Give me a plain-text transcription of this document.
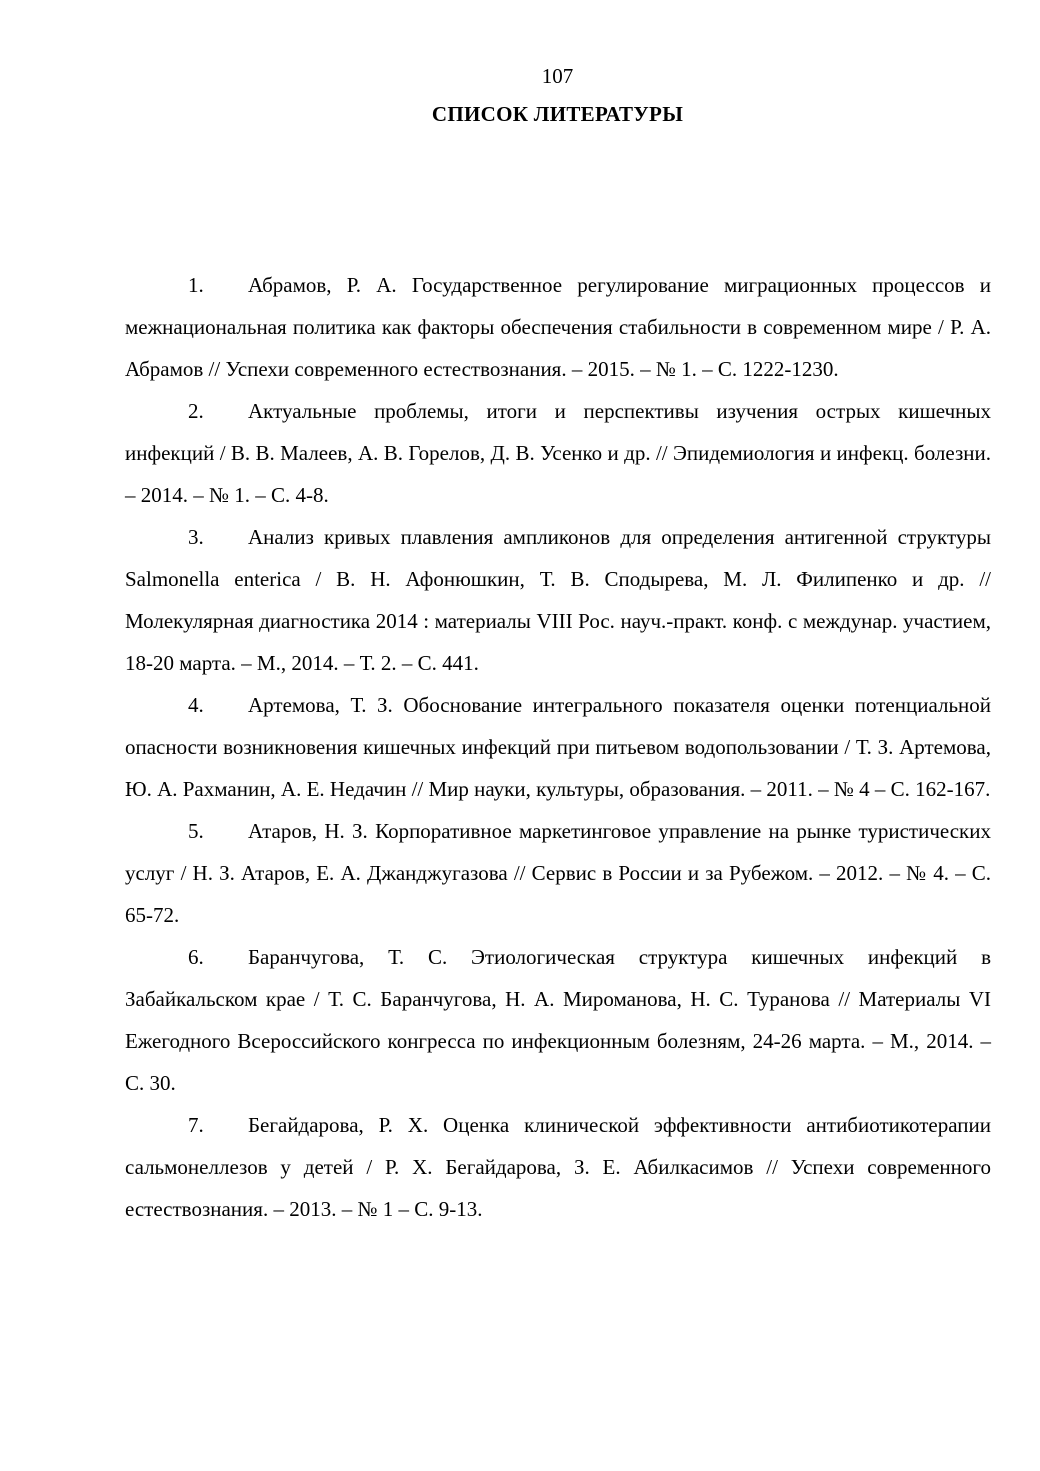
107
СПИСОК ЛИТЕРАТУРЫ

1. Абрамов, Р. А. Государственное регулирование миграционных процессов и межнациональная политика как факторы обеспечения стабильности в современном мире / Р. А. Абрамов // Успехи современного естествознания. – 2015. – № 1. – С. 1222-1230.

2. Актуальные проблемы, итоги и перспективы изучения острых кишечных инфекций / В. В. Малеев, А. В. Горелов, Д. В. Усенко и др. // Эпидемиология и инфекц. болезни. – 2014. – № 1. – С. 4-8.

3. Анализ кривых плавления ампликонов для определения антигенной структуры Salmonella enterica / В. Н. Афонюшкин, Т. В. Сподырева, М. Л. Филипенко и др. // Молекулярная диагностика 2014 : материалы VIII Рос. науч.-практ. конф. с междунар. участием, 18-20 марта. – М., 2014. – Т. 2. – С. 441.

4. Артемова, Т. З. Обоснование интегрального показателя оценки потенциальной опасности возникновения кишечных инфекций при питьевом водопользовании / Т. З. Артемова, Ю. А. Рахманин, А. Е. Недачин // Мир науки, культуры, образования. – 2011. – № 4 – С. 162-167.

5. Атаров, Н. З. Корпоративное маркетинговое управление на рынке туристических услуг / Н. З. Атаров, Е. А. Джанджугазова // Сервис в России и за Рубежом. – 2012. – № 4. – С. 65-72.

6. Баранчугова, Т. С. Этиологическая структура кишечных инфекций в Забайкальском крае / Т. С. Баранчугова, Н. А. Мироманова, Н. С. Туранова // Материалы VI Ежегодного Всероссийского конгресса по инфекционным болезням, 24-26 марта. – М., 2014. – С. 30.

7. Бегайдарова, Р. Х. Оценка клинической эффективности антибиотикотерапии сальмонеллезов у детей / Р. Х. Бегайдарова, З. Е. Абилкасимов // Успехи современного естествознания. – 2013. – № 1 – С. 9-13.
